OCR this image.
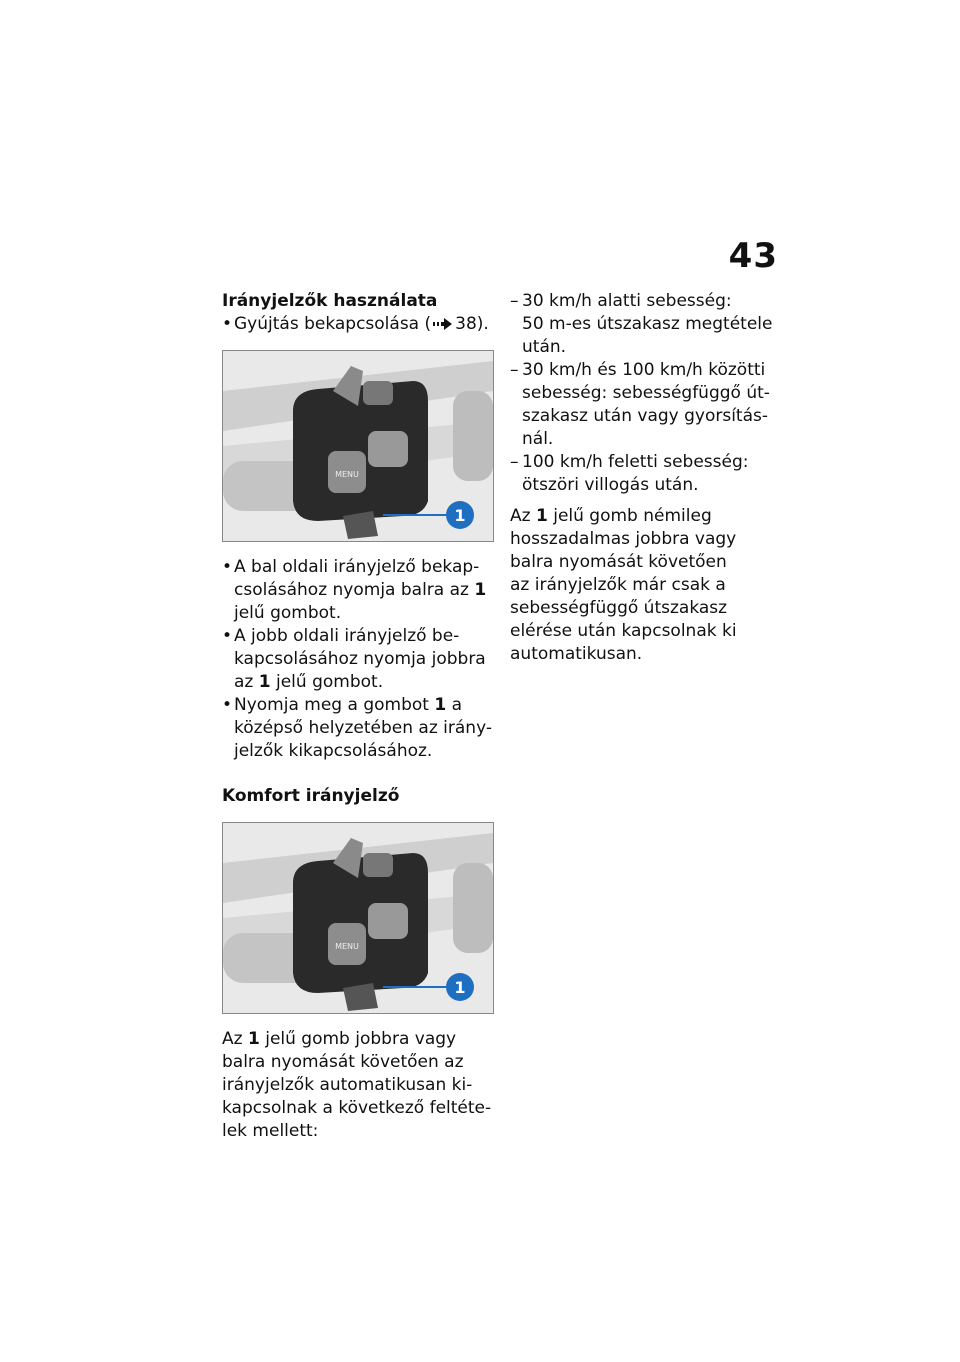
43
Irányjelzők használata
• Gyújtás bekapcsolása ( 38).
MENU
1
• A bal oldali irányjelző bekap-
csolásához nyomja balra az 1
jelű gombot.
• A jobb oldali irányjelző be-
kapcsolásához nyomja jobbra
az 1 jelű gombot.
• Nyomja meg a gombot 1 a
középső helyzetében az irány-
jelzők kikapcsolásához.
Komfort irányjelző
MENU
1
Az 1 jelű gomb jobbra vagy
balra nyomását követően az
irányjelzők automatikusan ki-
kapcsolnak a következő feltéte-
lek mellett:
– 30 km/h alatti sebesség:
50 m-es útszakasz megtétele
után.
– 30 km/h és 100 km/h közötti
sebesség: sebességfüggő út-
szakasz után vagy gyorsítás-
nál.
– 100 km/h feletti sebesség:
ötszöri villogás után.
Az 1 jelű gomb némileg
hosszadalmas jobbra vagy
balra nyomását követően
az irányjelzők már csak a
sebességfüggő útszakasz
elérése után kapcsolnak ki
automatikusan.
